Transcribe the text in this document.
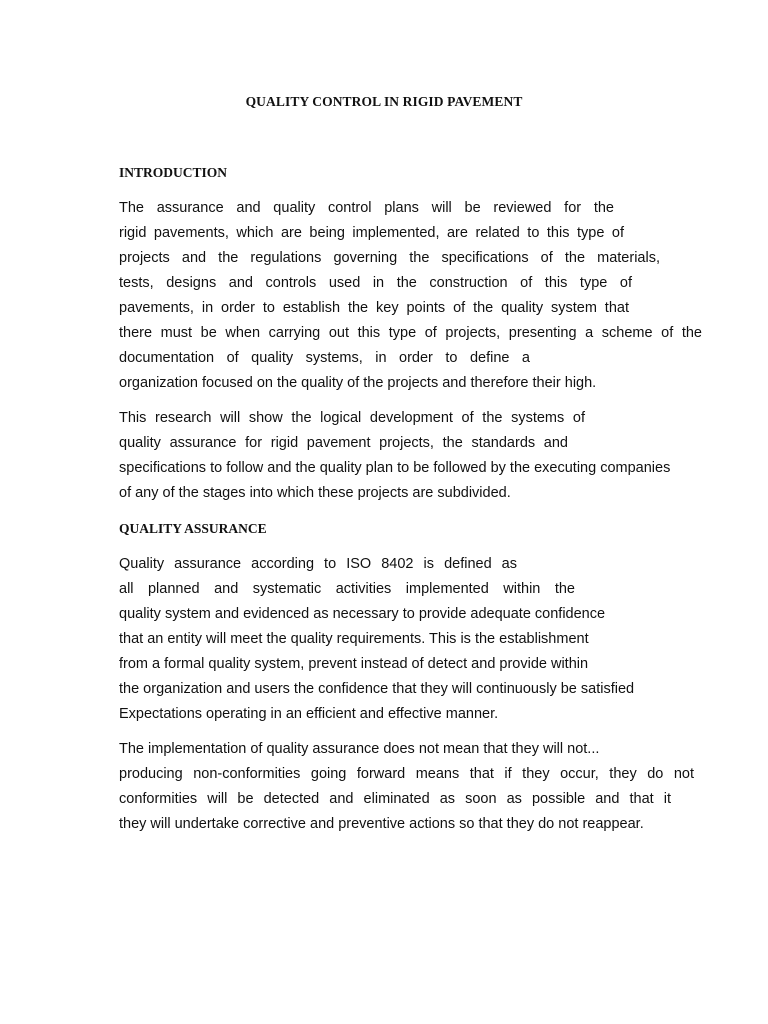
QUALITY CONTROL IN RIGID PAVEMENT
INTRODUCTION
The assurance and quality control plans will be reviewed for the
rigid pavements, which are being implemented, are related to this type of
projects and the regulations governing the specifications of the materials,
tests, designs and controls used in the construction of this type of
pavements, in order to establish the key points of the quality system that
there must be when carrying out this type of projects, presenting a scheme of the
documentation of quality systems, in order to define a
organization focused on the quality of the projects and therefore their high.
This research will show the logical development of the systems of
quality assurance for rigid pavement projects, the standards and
specifications to follow and the quality plan to be followed by the executing companies
of any of the stages into which these projects are subdivided.
QUALITY ASSURANCE
Quality assurance according to ISO 8402 is defined as
all planned and systematic activities implemented within the
quality system and evidenced as necessary to provide adequate confidence
that an entity will meet the quality requirements. This is the establishment
from a formal quality system, prevent instead of detect and provide within
the organization and users the confidence that they will continuously be satisfied
Expectations operating in an efficient and effective manner.
The implementation of quality assurance does not mean that they will not...
producing non-conformities going forward means that if they occur, they do not
conformities will be detected and eliminated as soon as possible and that it
they will undertake corrective and preventive actions so that they do not reappear.
